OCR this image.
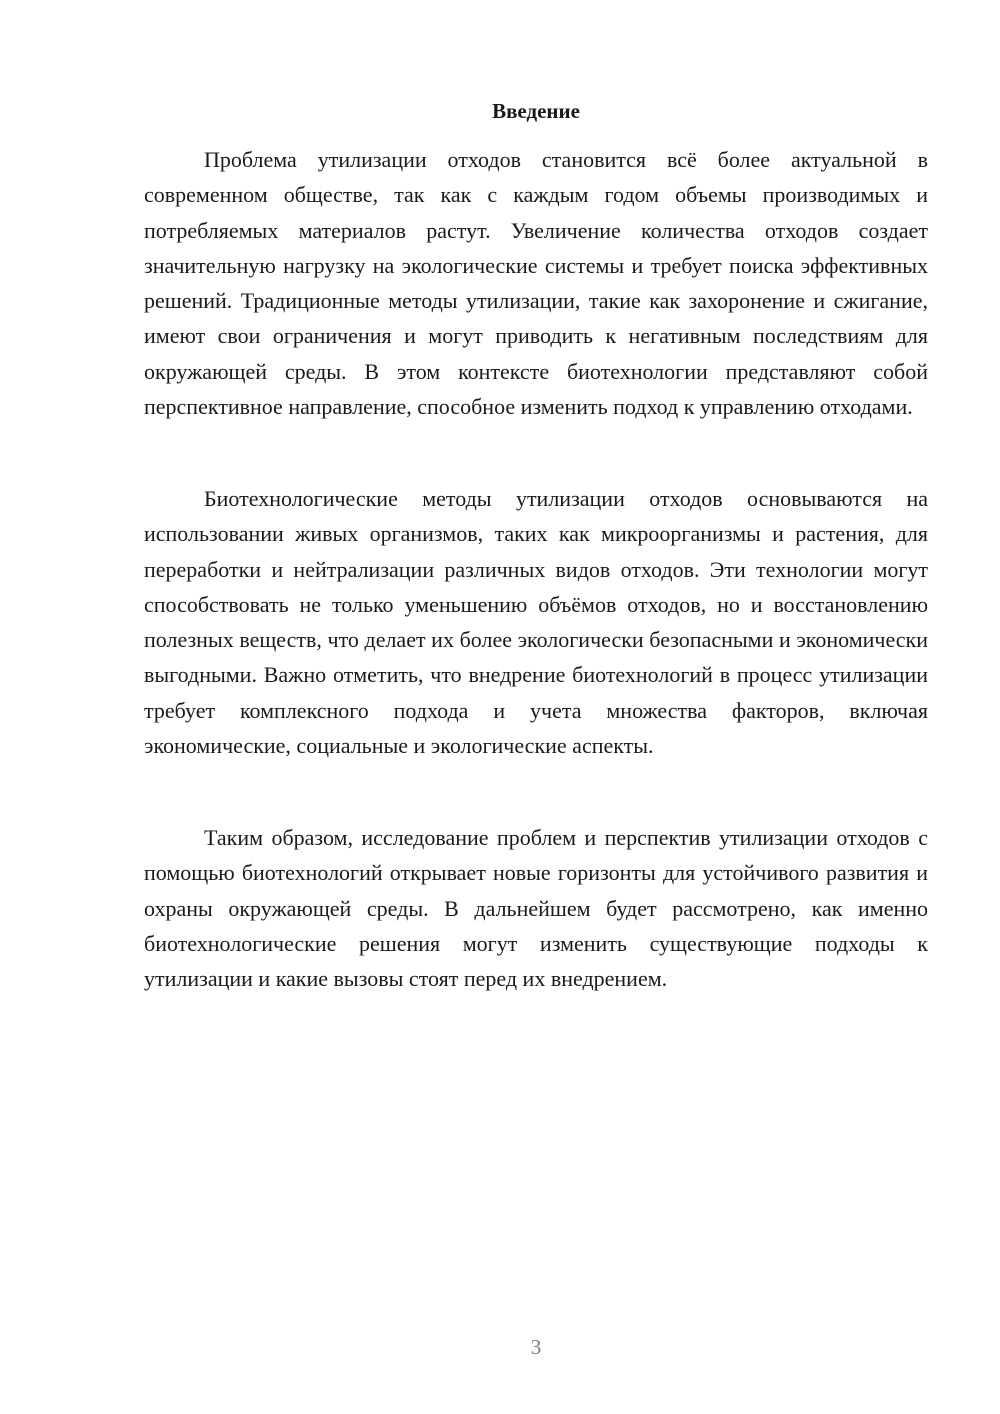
Введение

Проблема утилизации отходов становится всё более актуальной в современном обществе, так как с каждым годом объемы производимых и потребляемых материалов растут. Увеличение количества отходов создает значительную нагрузку на экологические системы и требует поиска эффективных решений. Традиционные методы утилизации, такие как захоронение и сжигание, имеют свои ограничения и могут приводить к негативным последствиям для окружающей среды. В этом контексте биотехнологии представляют собой перспективное направление, способное изменить подход к управлению отходами.

Биотехнологические методы утилизации отходов основываются на использовании живых организмов, таких как микроорганизмы и растения, для переработки и нейтрализации различных видов отходов. Эти технологии могут способствовать не только уменьшению объёмов отходов, но и восстановлению полезных веществ, что делает их более экологически безопасными и экономически выгодными. Важно отметить, что внедрение биотехнологий в процесс утилизации требует комплексного подхода и учета множества факторов, включая экономические, социальные и экологические аспекты.

Таким образом, исследование проблем и перспектив утилизации отходов с помощью биотехнологий открывает новые горизонты для устойчивого развития и охраны окружающей среды. В дальнейшем будет рассмотрено, как именно биотехнологические решения могут изменить существующие подходы к утилизации и какие вызовы стоят перед их внедрением.

3
